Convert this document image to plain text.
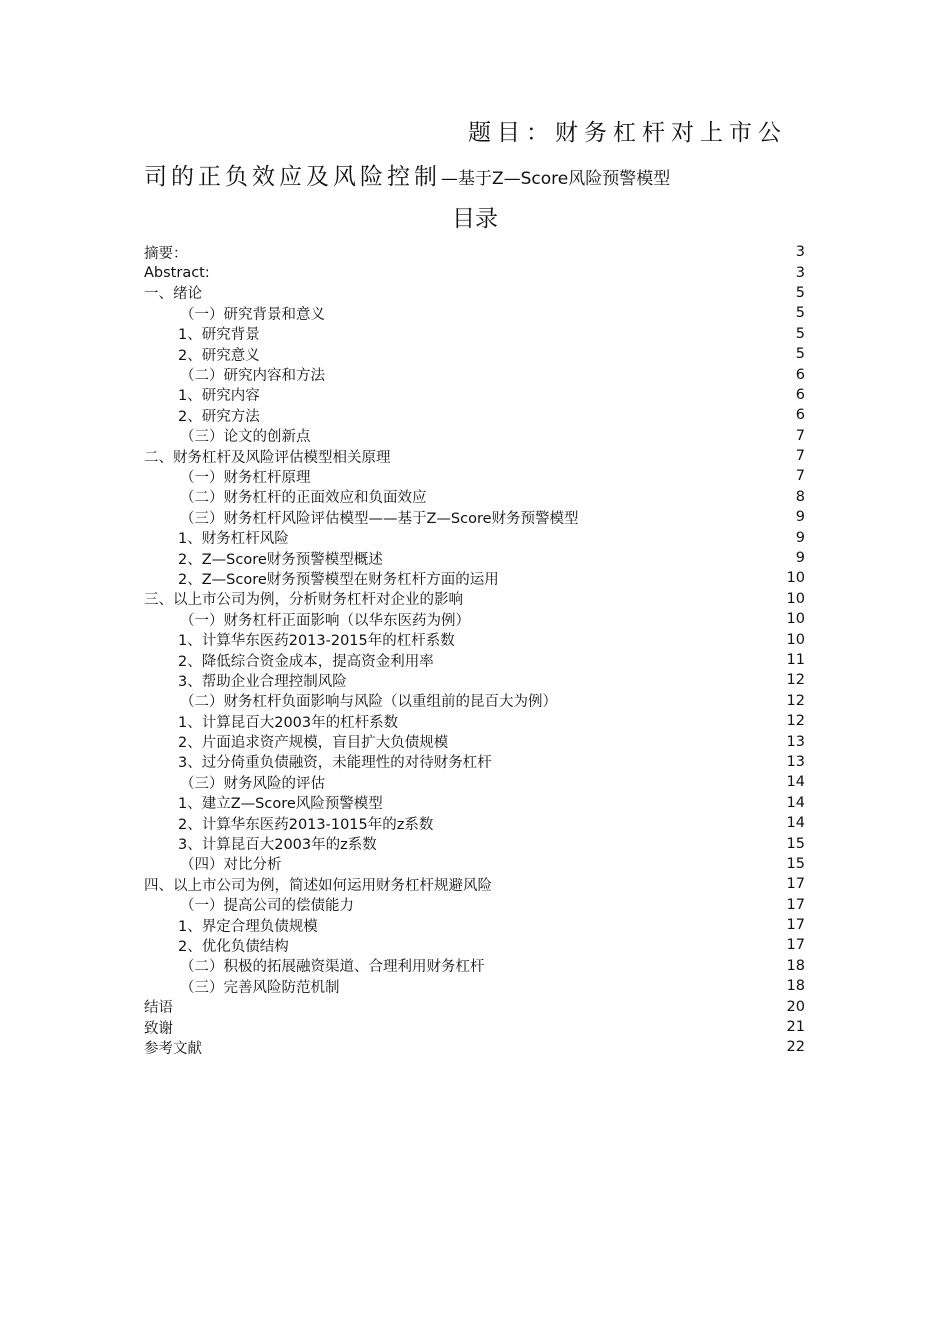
题目：财务杠杆对上市公
司的正负效应及风险控制—基于Z—Score风险预警模型
目录
摘要：	3
Abstract:	3
一、绪论	5
（一）研究背景和意义	5
1、研究背景	5
2、研究意义	5
（二）研究内容和方法	6
1、研究内容	6
2、研究方法	6
（三）论文的创新点	7
二、财务杠杆及风险评估模型相关原理	7
（一）财务杠杆原理	7
（二）财务杠杆的正面效应和负面效应	8
（三）财务杠杆风险评估模型——基于Z—Score财务预警模型	9
1、财务杠杆风险	9
2、Z—Score财务预警模型概述	9
2、Z—Score财务预警模型在财务杠杆方面的运用	10
三、以上市公司为例，分析财务杠杆对企业的影响	10
（一）财务杠杆正面影响（以华东医药为例）	10
1、计算华东医药2013-2015年的杠杆系数	10
2、降低综合资金成本，提高资金利用率	11
3、帮助企业合理控制风险	12
（二）财务杠杆负面影响与风险（以重组前的昆百大为例）	12
1、计算昆百大2003年的杠杆系数	12
2、片面追求资产规模，盲目扩大负债规模	13
3、过分倚重负债融资，未能理性的对待财务杠杆	13
（三）财务风险的评估	14
1、建立Z—Score风险预警模型	14
2、计算华东医药2013-1015年的z系数	14
3、计算昆百大2003年的z系数	15
（四）对比分析	15
四、以上市公司为例，简述如何运用财务杠杆规避风险	17
（一）提高公司的偿债能力	17
1、界定合理负债规模	17
2、优化负债结构	17
（二）积极的拓展融资渠道、合理利用财务杠杆	18
（三）完善风险防范机制	18
结语	20
致谢	21
参考文献	22
